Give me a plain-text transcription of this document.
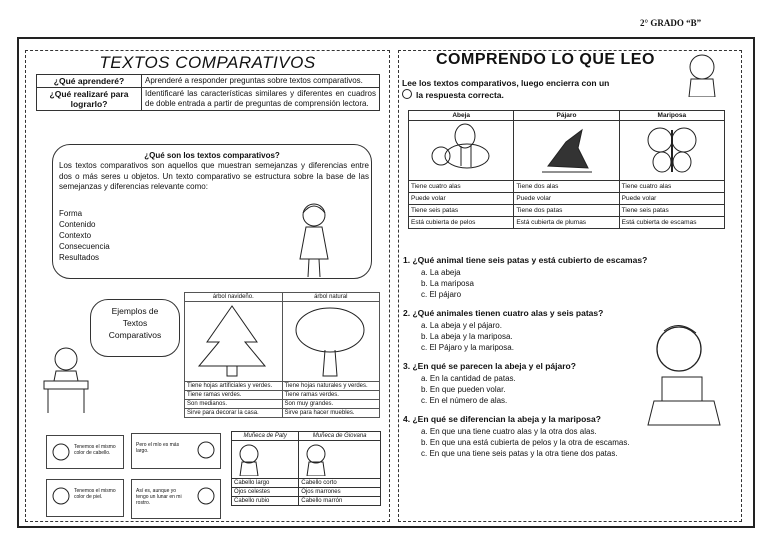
2° GRADO “B”
TEXTOS COMPARATIVOS
¿Qué aprenderé?	Aprenderé a responder preguntas sobre textos comparativos.
¿Qué realizaré para lograrlo?	Identificaré las características similares y diferentes en cuadros de doble entrada a partir de preguntas de comprensión lectora.
¿Qué son los textos comparativos?
Los textos comparativos son aquellos que muestran semejanzas y diferencias entre dos o más seres u objetos. Un texto comparativo se estructura sobre la base de las semejanzas y diferencias relevante como:
Forma
Contenido
Contexto
Consecuencia
Resultados
Ejemplos de
Textos
Comparativos
árbol navideño.	árbol natural

Tiene hojas artificiales y verdes.	Tiene hojas naturales y verdes.
Tiene ramas verdes.	Tiene ramas verdes.
Son medianos.	Son muy grandes.
Sirve para decorar la casa.	Sirve para hacer muebles.
Tenemos el mismo color de cabello.
Pero el mío es más largo.
Tenemos el mismo color de piel.
Así es, aunque yo tengo un lunar en mi rostro.
Muñeca de Paty	Muñeca de Giovana

Cabello largo	Cabello corto
Ojos celestes	Ojos marrones
Cabello rubio	Cabello marrón
COMPRENDO LO QUE LEO
Lee los textos comparativos, luego encierra con un
la respuesta correcta.
Abeja	Pájaro	Mariposa

Tiene cuatro alas	Tiene dos alas	Tiene cuatro alas
Puede volar	Puede volar	Puede volar
Tiene seis patas	Tiene dos patas	Tiene seis patas
Está cubierta de pelos	Está cubierta de plumas	Está cubierta de escamas
1. ¿Qué animal tiene seis patas y está cubierto de escamas?
a. La abeja
b. La mariposa
c. El pájaro
2. ¿Qué animales tienen cuatro alas y seis patas?
a. La abeja y el pájaro.
b. La abeja y la mariposa.
c. El Pájaro y la mariposa.
3. ¿En qué se parecen la abeja y el pájaro?
a. En la cantidad de patas.
b. En que pueden volar.
c. En el número de alas.
4. ¿En qué se diferencian la abeja y la mariposa?
a. En que una tiene cuatro alas y la otra dos alas.
b. En que una está cubierta de pelos y la otra de escamas.
c. En que una tiene seis patas y la otra tiene dos patas.
